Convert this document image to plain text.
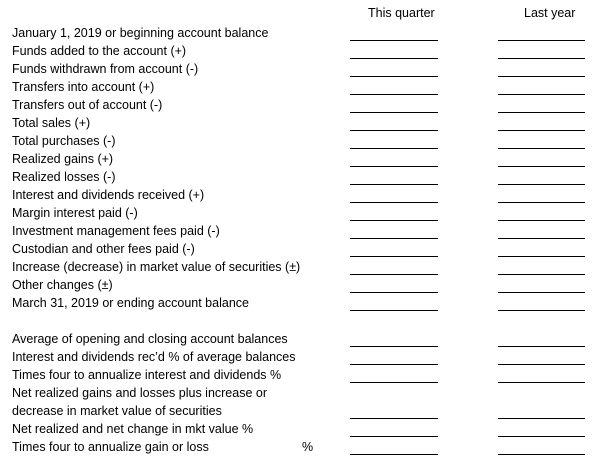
This quarter	Last year
January 1, 2019 or beginning account balance
Funds added to the account (+)
Funds withdrawn from account (-)
Transfers into account (+)
Transfers out of account (-)
Total sales (+)
Total purchases (-)
Realized gains (+)
Realized losses (-)
Interest and dividends received (+)
Margin interest paid (-)
Investment management fees paid (-)
Custodian and other fees paid (-)
Increase (decrease) in market value of securities (±)
Other changes (±)
March 31, 2019 or ending account balance
Average of opening and closing account balances
Interest and dividends rec’d % of average balances
Times four to annualize interest and dividends %
Net realized gains and losses plus increase or
decrease in market value of securities
Net realized and net change in mkt value %
Times four to annualize gain or loss	%
